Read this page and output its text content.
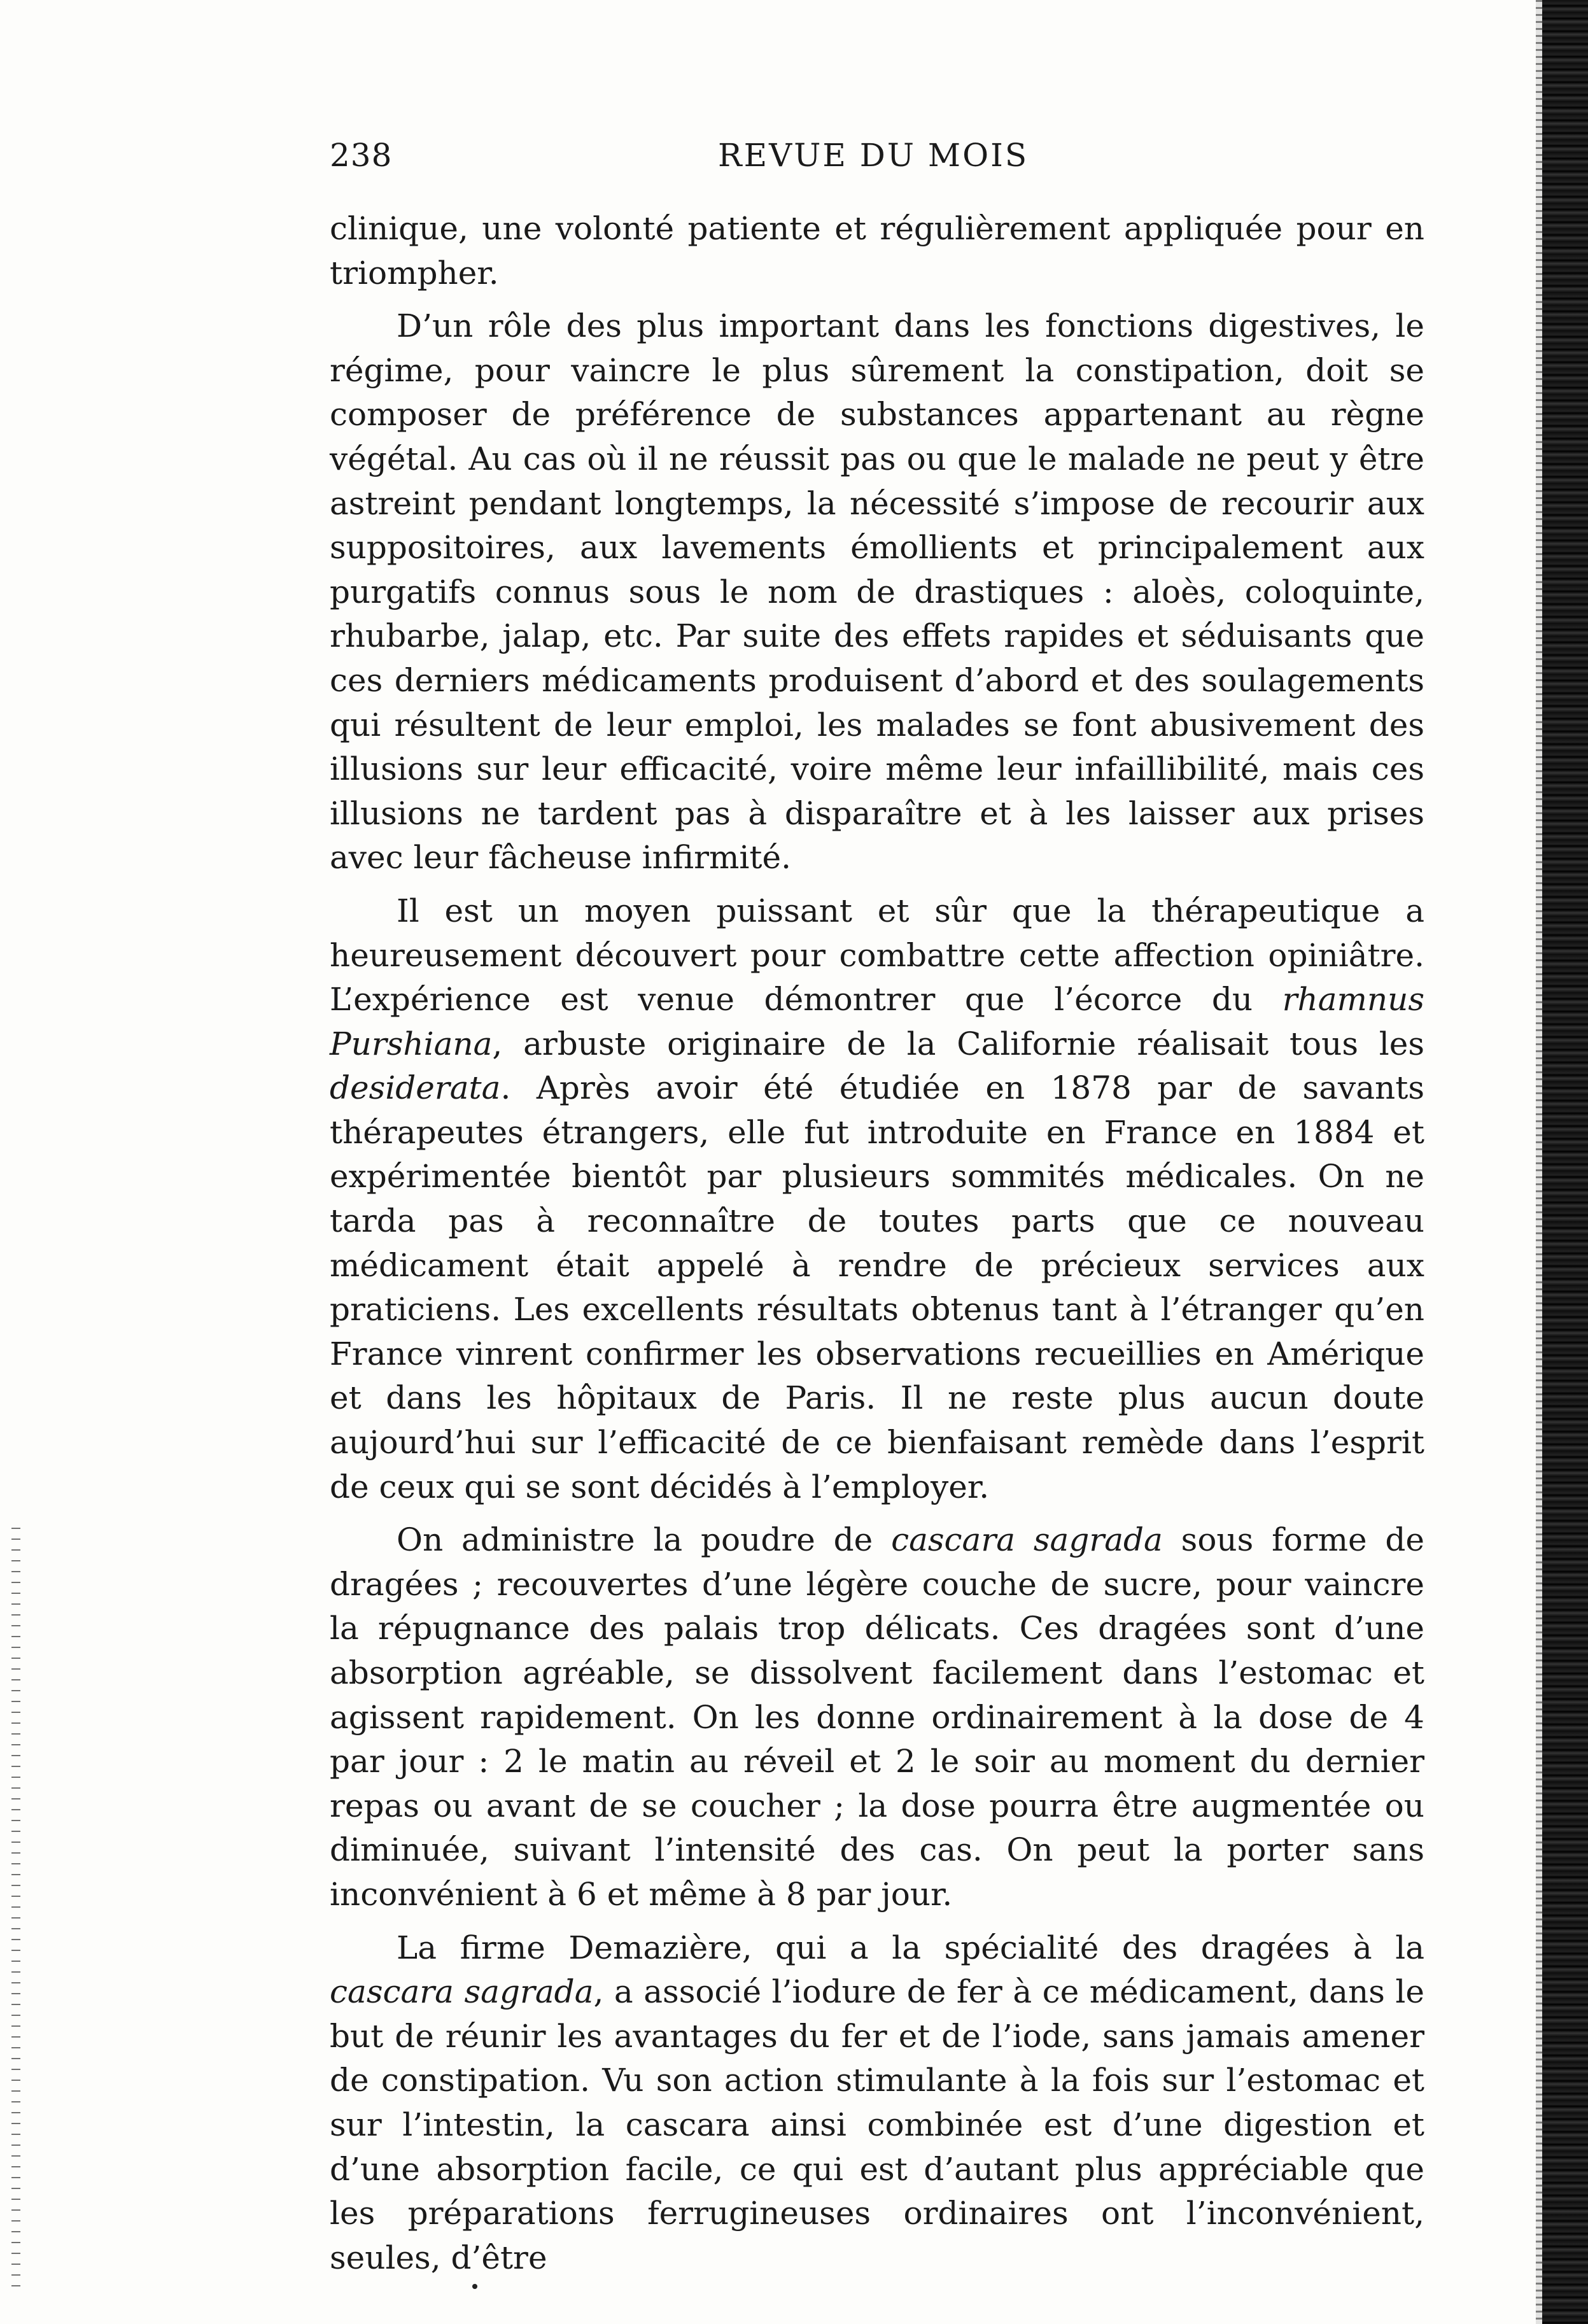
238	REVUE DU MOIS

clinique, une volonté patiente et régulièrement appliquée pour en triompher.

D’un rôle des plus important dans les fonctions digestives, le régime, pour vaincre le plus sûrement la constipation, doit se composer de préférence de substances appartenant au règne végétal. Au cas où il ne réussit pas ou que le malade ne peut y être astreint pendant longtemps, la nécessité s’impose de recourir aux suppositoires, aux lavements émollients et principalement aux purgatifs connus sous le nom de drastiques : aloès, coloquinte, rhubarbe, jalap, etc. Par suite des effets rapides et séduisants que ces derniers médicaments produisent d’abord et des soulagements qui résultent de leur emploi, les malades se font abusivement des illusions sur leur efficacité, voire même leur infaillibilité, mais ces illusions ne tardent pas à disparaître et à les laisser aux prises avec leur fâcheuse infirmité.

Il est un moyen puissant et sûr que la thérapeutique a heureusement découvert pour combattre cette affection opiniâtre. L’expérience est venue démontrer que l’écorce du rhamnus Purshiana, arbuste originaire de la Californie réalisait tous les desiderata. Après avoir été étudiée en 1878 par de savants thérapeutes étrangers, elle fut introduite en France en 1884 et expérimentée bientôt par plusieurs sommités médicales. On ne tarda pas à reconnaître de toutes parts que ce nouveau médicament était appelé à rendre de précieux services aux praticiens. Les excellents résultats obtenus tant à l’étranger qu’en France vinrent confirmer les observations recueillies en Amérique et dans les hôpitaux de Paris. Il ne reste plus aucun doute aujourd’hui sur l’efficacité de ce bienfaisant remède dans l’esprit de ceux qui se sont décidés à l’employer.

On administre la poudre de cascara sagrada sous forme de dragées ; recouvertes d’une légère couche de sucre, pour vaincre la répugnance des palais trop délicats. Ces dragées sont d’une absorption agréable, se dissolvent facilement dans l’estomac et agissent rapidement. On les donne ordinairement à la dose de 4 par jour : 2 le matin au réveil et 2 le soir au moment du dernier repas ou avant de se coucher ; la dose pourra être augmentée ou diminuée, suivant l’intensité des cas. On peut la porter sans inconvénient à 6 et même à 8 par jour.

La firme Demazière, qui a la spécialité des dragées à la cascara sagrada, a associé l’iodure de fer à ce médicament, dans le but de réunir les avantages du fer et de l’iode, sans jamais amener de constipation. Vu son action stimulante à la fois sur l’estomac et sur l’intestin, la cascara ainsi combinée est d’une digestion et d’une absorption facile, ce qui est d’autant plus appréciable que les préparations ferrugineuses ordinaires ont l’inconvénient, seules, d’être
